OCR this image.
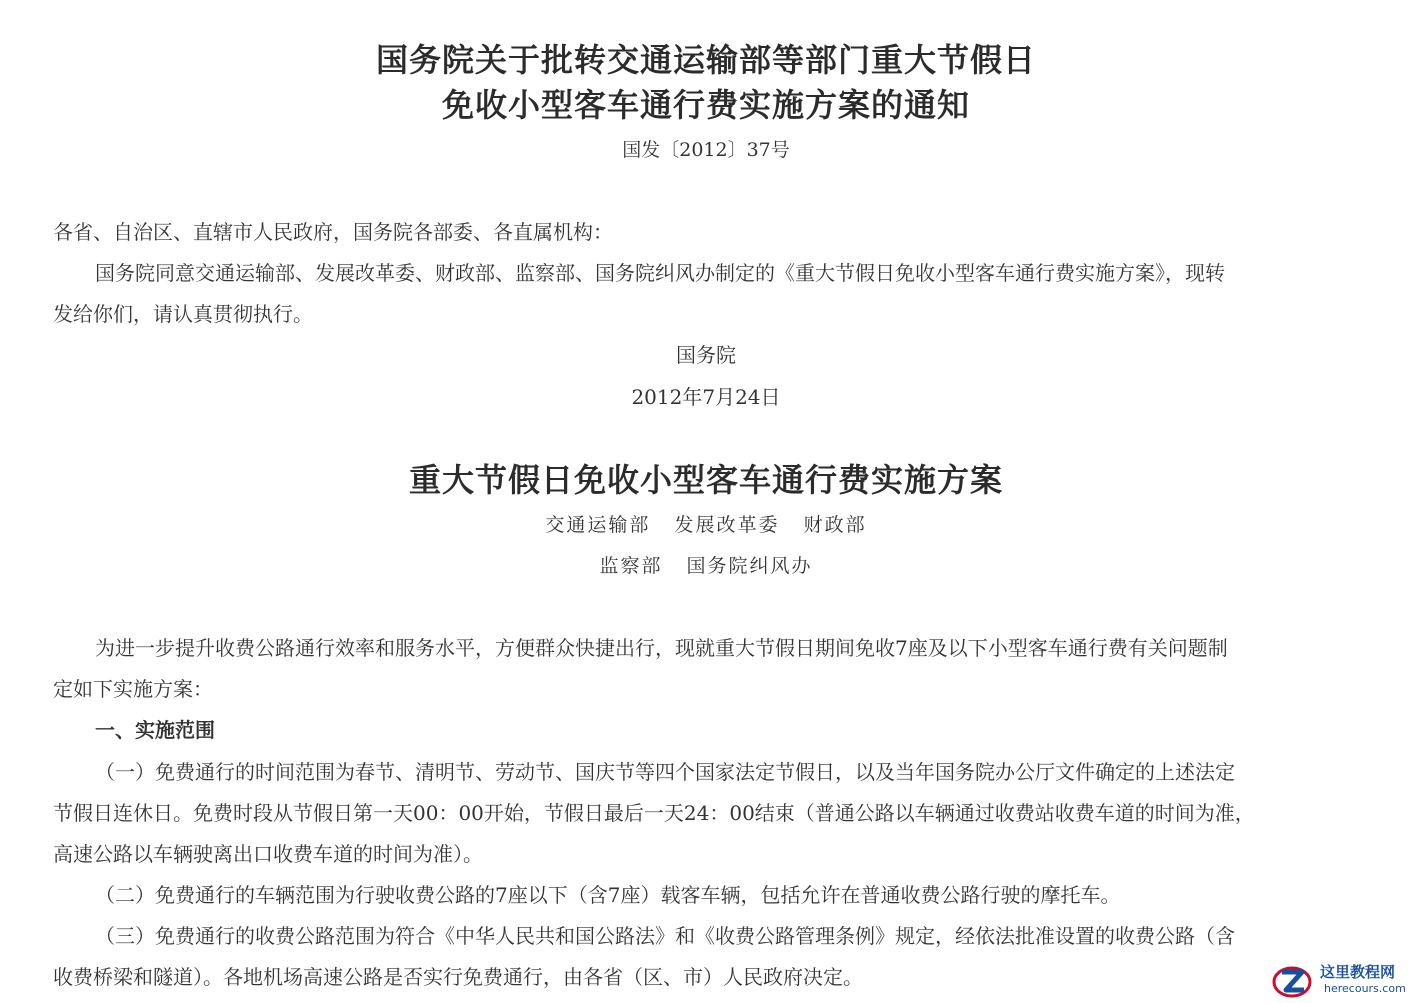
国务院关于批转交通运输部等部门重大节假日
免收小型客车通行费实施方案的通知
国发〔2012〕37号
各省、自治区、直辖市人民政府，国务院各部委、各直属机构：
国务院同意交通运输部、发展改革委、财政部、监察部、国务院纠风办制定的《重大节假日免收小型客车通行费实施方案》，现转
发给你们，请认真贯彻执行。
国务院
2012年7月24日
重大节假日免收小型客车通行费实施方案
交通运输部   发展改革委   财政部
监察部   国务院纠风办
为进一步提升收费公路通行效率和服务水平，方便群众快捷出行，现就重大节假日期间免收7座及以下小型客车通行费有关问题制
定如下实施方案：
一、实施范围
（一）免费通行的时间范围为春节、清明节、劳动节、国庆节等四个国家法定节假日，以及当年国务院办公厅文件确定的上述法定
节假日连休日。免费时段从节假日第一天00：00开始，节假日最后一天24：00结束（普通公路以车辆通过收费站收费车道的时间为准，
高速公路以车辆驶离出口收费车道的时间为准）。
（二）免费通行的车辆范围为行驶收费公路的7座以下（含7座）载客车辆，包括允许在普通收费公路行驶的摩托车。
（三）免费通行的收费公路范围为符合《中华人民共和国公路法》和《收费公路管理条例》规定，经依法批准设置的收费公路（含
收费桥梁和隧道）。各地机场高速公路是否实行免费通行，由各省（区、市）人民政府决定。	这里教程网
herecours.com
